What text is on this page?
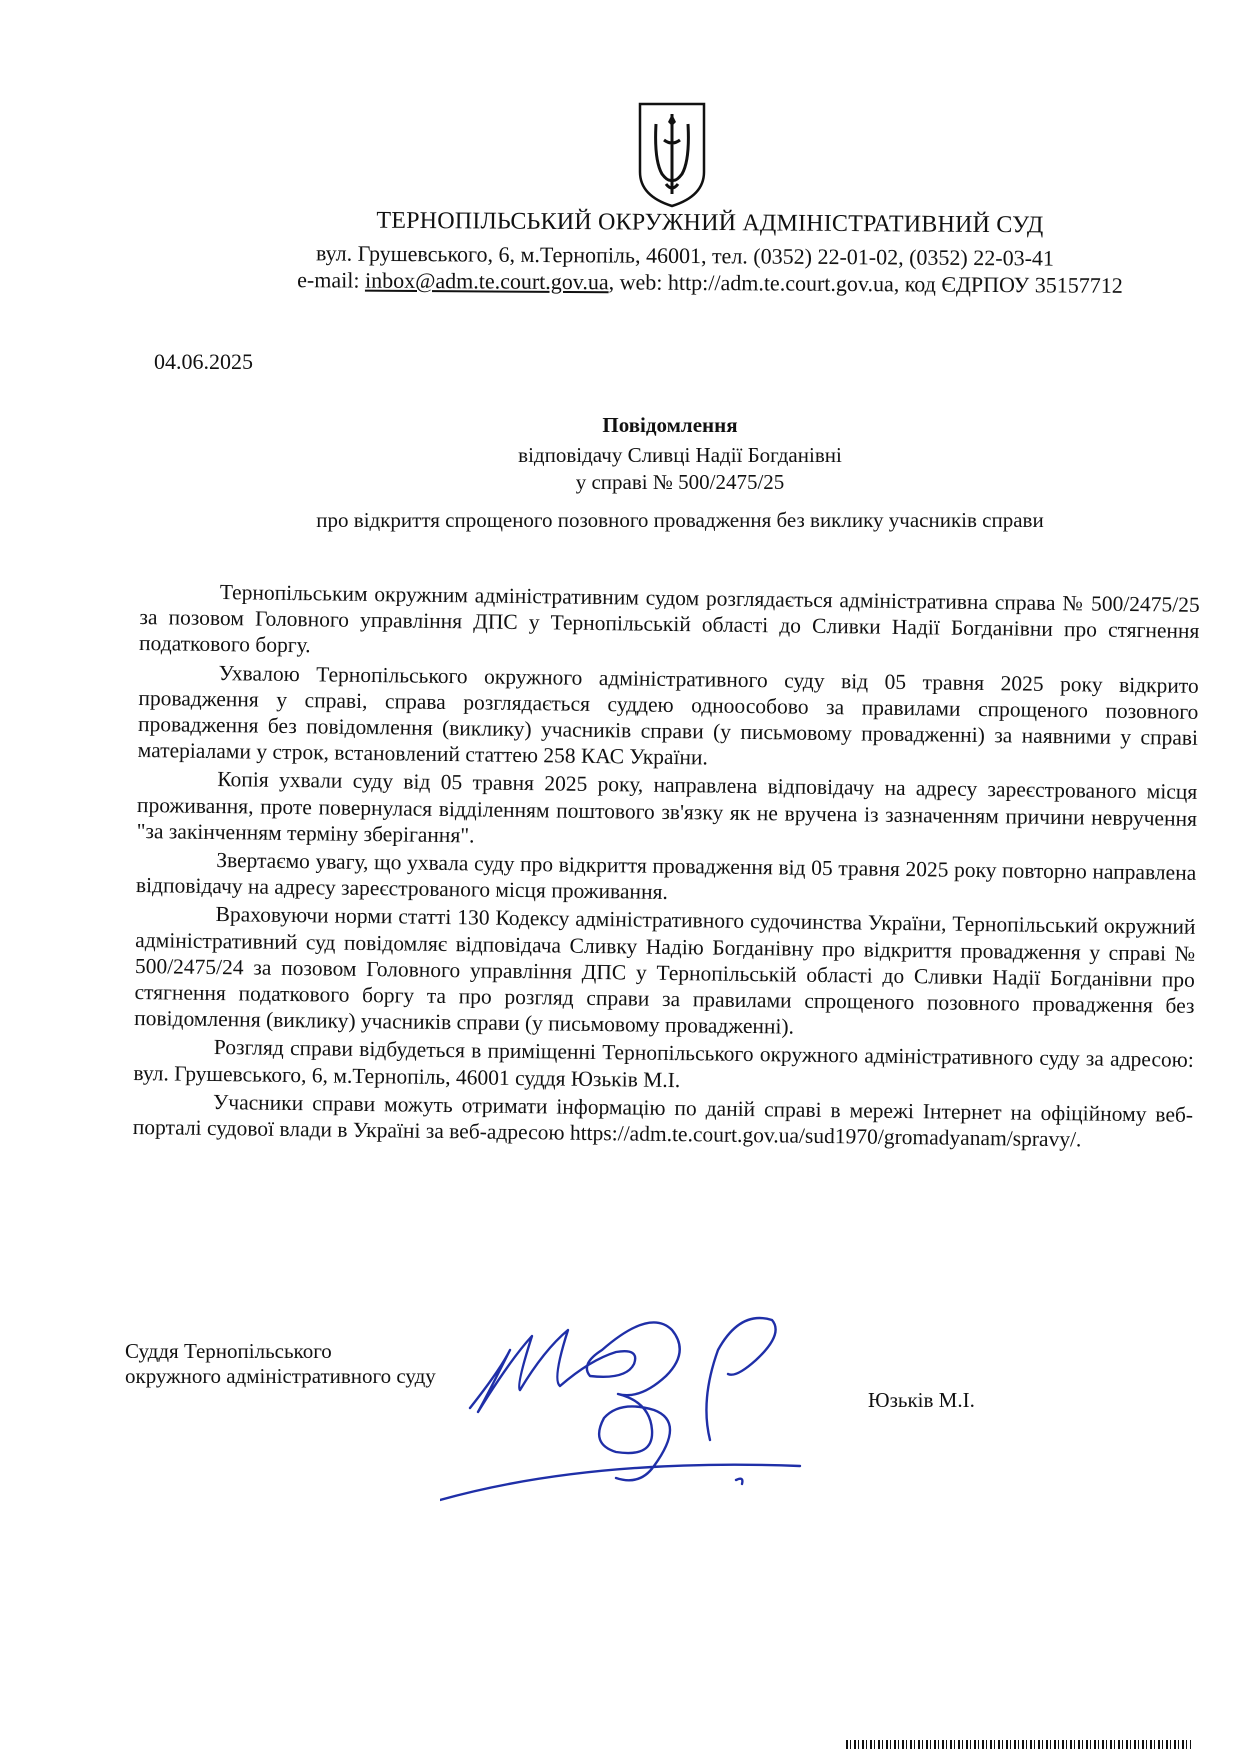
ТЕРНОПІЛЬСЬКИЙ ОКРУЖНИЙ АДМІНІСТРАТИВНИЙ СУД
вул. Грушевського, 6, м.Тернопіль, 46001, тел. (0352) 22-01-02, (0352) 22-03-41
e-mail: inbox@adm.te.court.gov.ua, web: http://adm.te.court.gov.ua, код ЄДРПОУ 35157712
04.06.2025
Повідомлення
відповідачу Сливці Надії Богданівні
у справі № 500/2475/25
про відкриття спрощеного позовного провадження без виклику учасників справи

Тернопільським окружним адміністративним судом розглядається адміністративна справа № 500/2475/25 за позовом Головного управління ДПС у Тернопільській області до Сливки Надії Богданівни про стягнення податкового боргу.

Ухвалою Тернопільського окружного адміністративного суду від 05 травня 2025 року відкрито провадження у справі, справа розглядається суддею одноособово за правилами спрощеного позовного провадження без повідомлення (виклику) учасників справи (у письмовому провадженні) за наявними у справі матеріалами у строк, встановлений статтею 258 КАС України.

Копія ухвали суду від 05 травня 2025 року, направлена відповідачу на адресу зареєстрованого місця проживання, проте повернулася відділенням поштового зв'язку як не вручена із зазначенням причини невручення "за закінченням терміну зберігання".

Звертаємо увагу, що ухвала суду про відкриття провадження від 05 травня 2025 року повторно направлена відповідачу на адресу зареєстрованого місця проживання.

Враховуючи норми статті 130 Кодексу адміністративного судочинства України, Тернопільський окружний адміністративний суд повідомляє відповідача Сливку Надію Богданівну про відкриття провадження у справі № 500/2475/24 за позовом Головного управління ДПС у Тернопільській області до Сливки Надії Богданівни про стягнення податкового боргу та про розгляд справи за правилами спрощеного позовного провадження без повідомлення (виклику) учасників справи (у письмовому провадженні).

Розгляд справи відбудеться в приміщенні Тернопільського окружного адміністративного суду за адресою: вул. Грушевського, 6, м.Тернопіль, 46001 суддя Юзьків М.І.

Учасники справи можуть отримати інформацію по даній справі в мережі Інтернет на офіційному веб-порталі судової влади в Україні за веб-адресою https://adm.te.court.gov.ua/sud1970/gromadyanam/spravy/.

Суддя Тернопільського
окружного адміністративного суду
Юзьків М.І.
